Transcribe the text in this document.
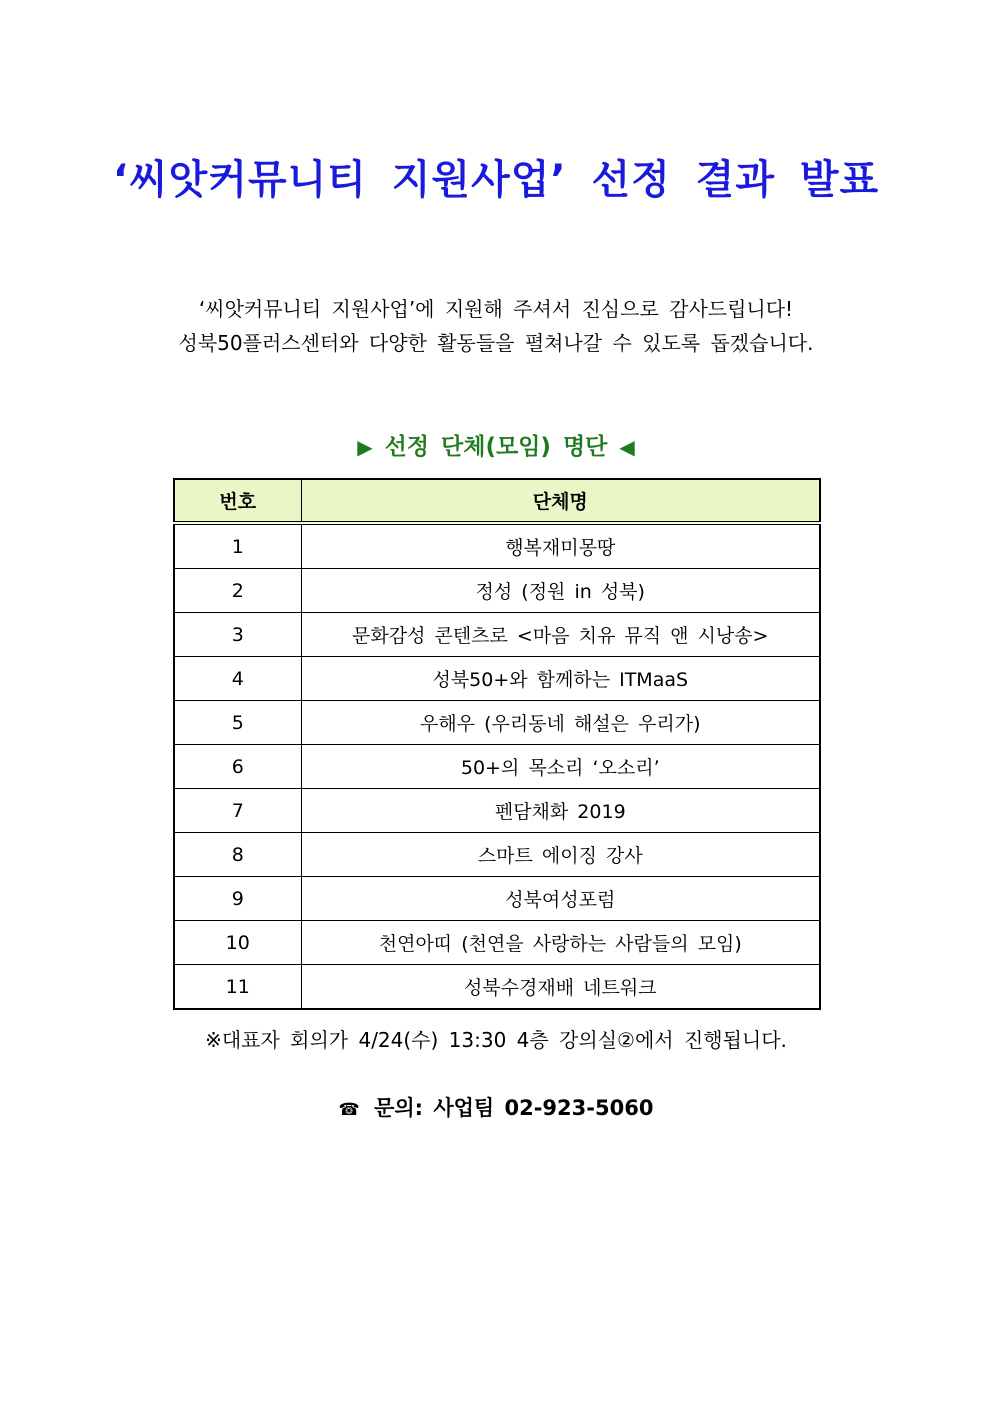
‘씨앗커뮤니티 지원사업’ 선정 결과 발표
‘씨앗커뮤니티 지원사업’에 지원해 주셔서 진심으로 감사드립니다!
성북50플러스센터와 다양한 활동들을 펼쳐나갈 수 있도록 돕겠습니다.
▶ 선정 단체(모임) 명단 ◀
번호	단체명
1	행복재미몽땅
2	정성 (정원 in 성북)
3	문화감성 콘텐츠로 <마음 치유 뮤직 앤 시낭송>
4	성북50+와 함께하는 ITMaaS
5	우해우 (우리동네 해설은 우리가)
6	50+의 목소리 ‘오소리’
7	펜담채화 2019
8	스마트 에이징 강사
9	성북여성포럼
10	천연아띠 (천연을 사랑하는 사람들의 모임)
11	성북수경재배 네트워크
※대표자 회의가 4/24(수) 13:30 4층 강의실②에서 진행됩니다.
☎ 문의: 사업팀 02-923-5060
